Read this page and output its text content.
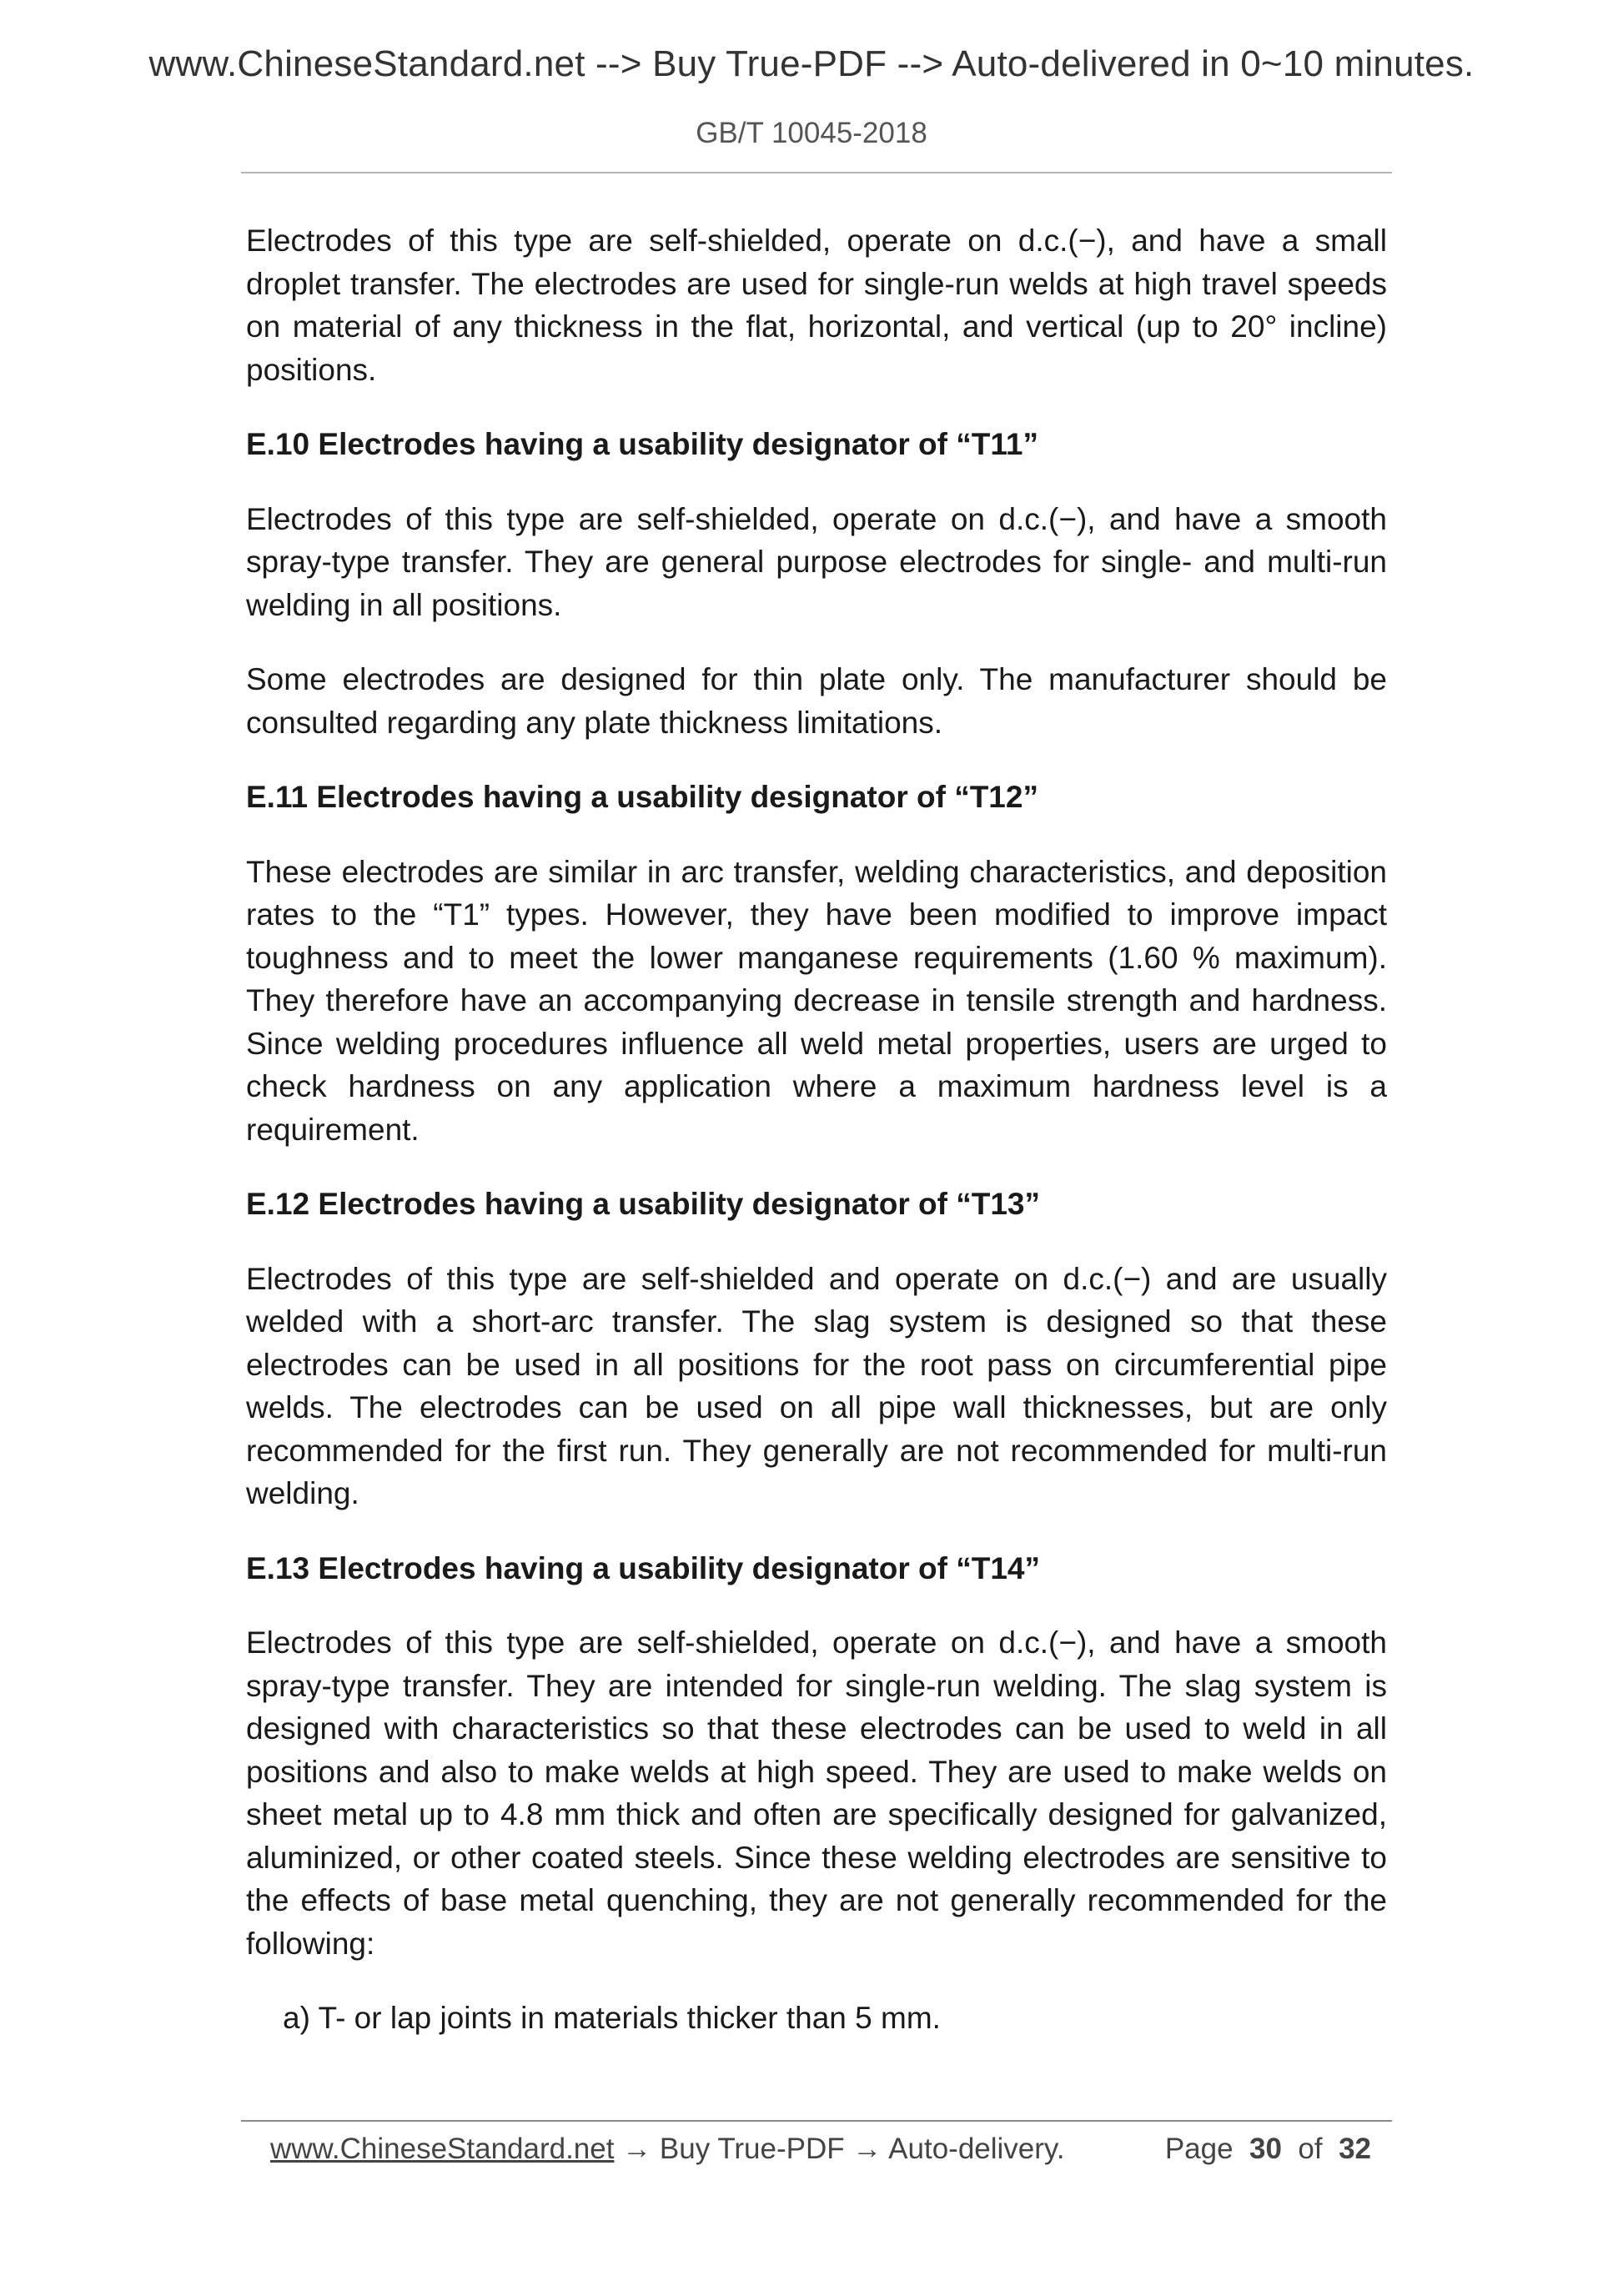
www.ChineseStandard.net --> Buy True-PDF --> Auto-delivered in 0~10 minutes.
GB/T 10045-2018

Electrodes of this type are self-shielded, operate on d.c.(−), and have a small droplet transfer. The electrodes are used for single-run welds at high travel speeds on material of any thickness in the flat, horizontal, and vertical (up to 20° incline) positions.

E.10 Electrodes having a usability designator of “T11”

Electrodes of this type are self-shielded, operate on d.c.(−), and have a smooth spray-type transfer. They are general purpose electrodes for single- and multi-run welding in all positions.

Some electrodes are designed for thin plate only. The manufacturer should be consulted regarding any plate thickness limitations.

E.11 Electrodes having a usability designator of “T12”

These electrodes are similar in arc transfer, welding characteristics, and deposition rates to the “T1” types. However, they have been modified to improve impact toughness and to meet the lower manganese requirements (1.60 % maximum). They therefore have an accompanying decrease in tensile strength and hardness. Since welding procedures influence all weld metal properties, users are urged to check hardness on any application where a maximum hardness level is a requirement.

E.12 Electrodes having a usability designator of “T13”

Electrodes of this type are self-shielded and operate on d.c.(−) and are usually welded with a short-arc transfer. The slag system is designed so that these electrodes can be used in all positions for the root pass on circumferential pipe welds. The electrodes can be used on all pipe wall thicknesses, but are only recommended for the first run. They generally are not recommended for multi-run welding.

E.13 Electrodes having a usability designator of “T14”

Electrodes of this type are self-shielded, operate on d.c.(−), and have a smooth spray-type transfer. They are intended for single-run welding. The slag system is designed with characteristics so that these electrodes can be used to weld in all positions and also to make welds at high speed. They are used to make welds on sheet metal up to 4.8 mm thick and often are specifically designed for galvanized, aluminized, or other coated steels. Since these welding electrodes are sensitive to the effects of base metal quenching, they are not generally recommended for the following:

a) T- or lap joints in materials thicker than 5 mm.

www.ChineseStandard.net → Buy True-PDF → Auto-delivery.	Page 30 of 32
